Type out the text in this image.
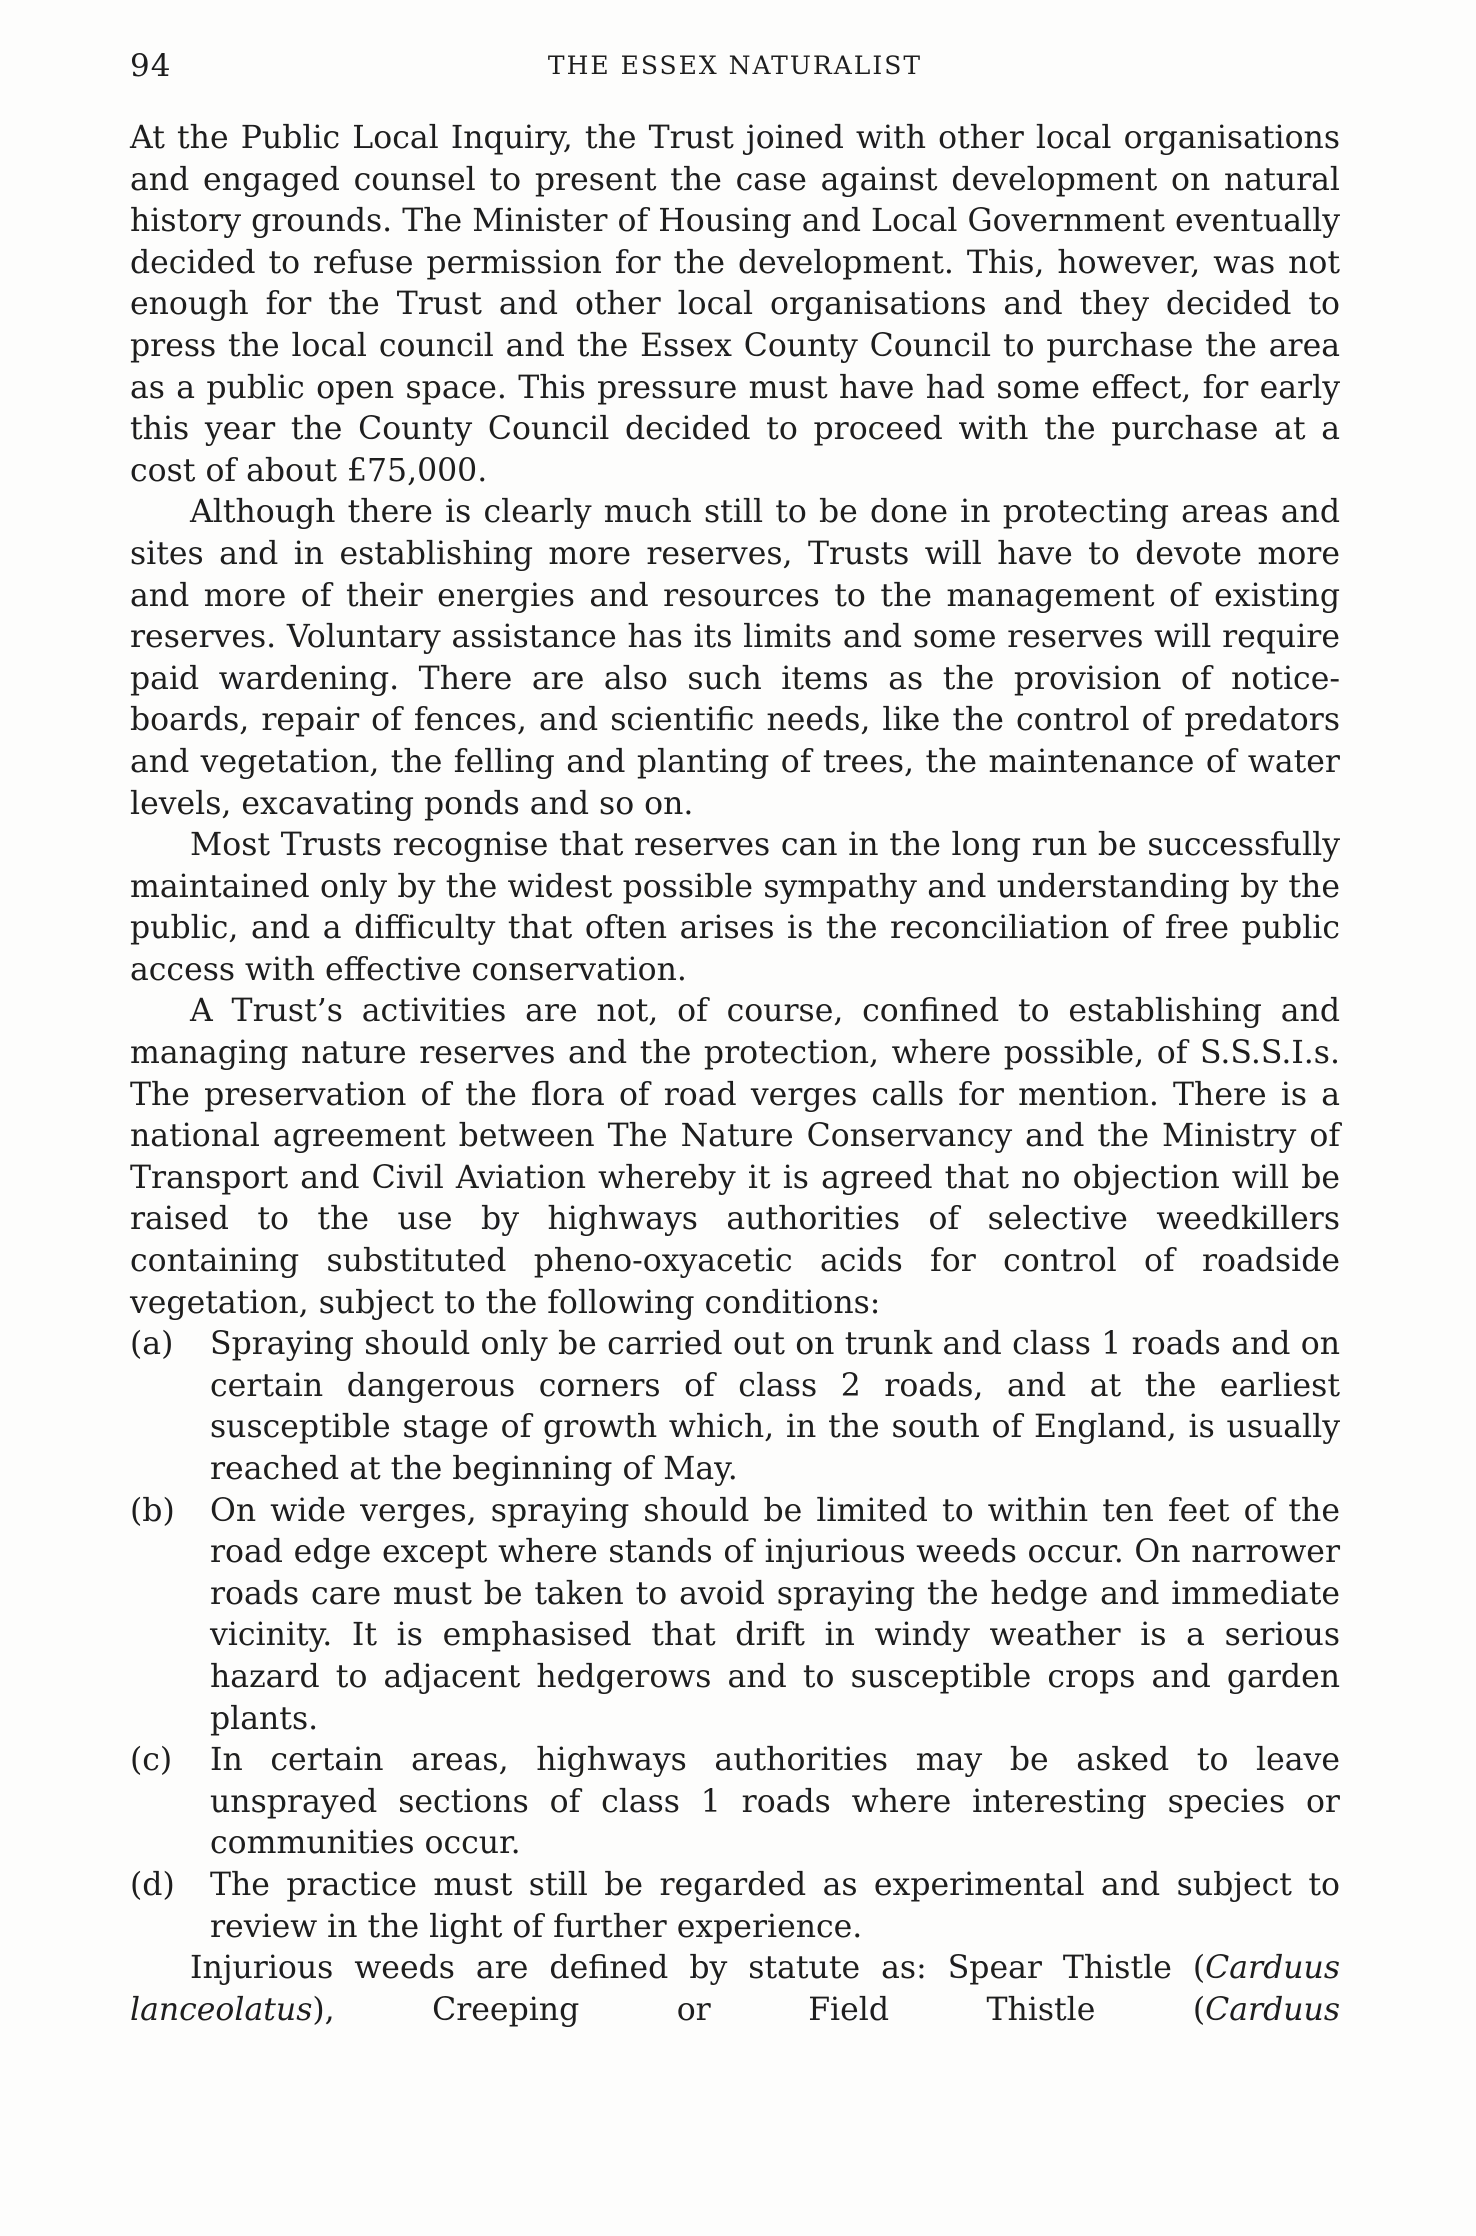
94	THE ESSEX NATURALIST

At the Public Local Inquiry, the Trust joined with other local organisations and engaged counsel to present the case against development on natural history grounds. The Minister of Housing and Local Government eventually decided to refuse permission for the development. This, however, was not enough for the Trust and other local organisations and they decided to press the local council and the Essex County Council to purchase the area as a public open space. This pressure must have had some effect, for early this year the County Council decided to proceed with the purchase at a cost of about £75,000.

Although there is clearly much still to be done in protecting areas and sites and in establishing more reserves, Trusts will have to devote more and more of their energies and resources to the management of existing reserves. Voluntary assistance has its limits and some reserves will require paid wardening. There are also such items as the provision of notice-boards, repair of fences, and scientific needs, like the control of predators and vegetation, the felling and planting of trees, the maintenance of water levels, excavating ponds and so on.

Most Trusts recognise that reserves can in the long run be successfully maintained only by the widest possible sympathy and understanding by the public, and a difficulty that often arises is the reconciliation of free public access with effective conservation.

A Trust’s activities are not, of course, confined to establishing and managing nature reserves and the protection, where possible, of S.S.S.I.s. The preservation of the flora of road verges calls for mention. There is a national agreement between The Nature Conservancy and the Ministry of Transport and Civil Aviation whereby it is agreed that no objection will be raised to the use by highways authorities of selective weedkillers containing substituted pheno-oxyacetic acids for control of roadside vegetation, subject to the following conditions:

(a) Spraying should only be carried out on trunk and class 1 roads and on certain dangerous corners of class 2 roads, and at the earliest susceptible stage of growth which, in the south of England, is usually reached at the beginning of May.
(b) On wide verges, spraying should be limited to within ten feet of the road edge except where stands of injurious weeds occur. On narrower roads care must be taken to avoid spraying the hedge and immediate vicinity. It is emphasised that drift in windy weather is a serious hazard to adjacent hedgerows and to susceptible crops and garden plants.
(c) In certain areas, highways authorities may be asked to leave unsprayed sections of class 1 roads where interesting species or communities occur.
(d) The practice must still be regarded as experimental and subject to review in the light of further experience.

Injurious weeds are defined by statute as: Spear Thistle (Carduus lanceolatus), Creeping or Field Thistle (Carduus
